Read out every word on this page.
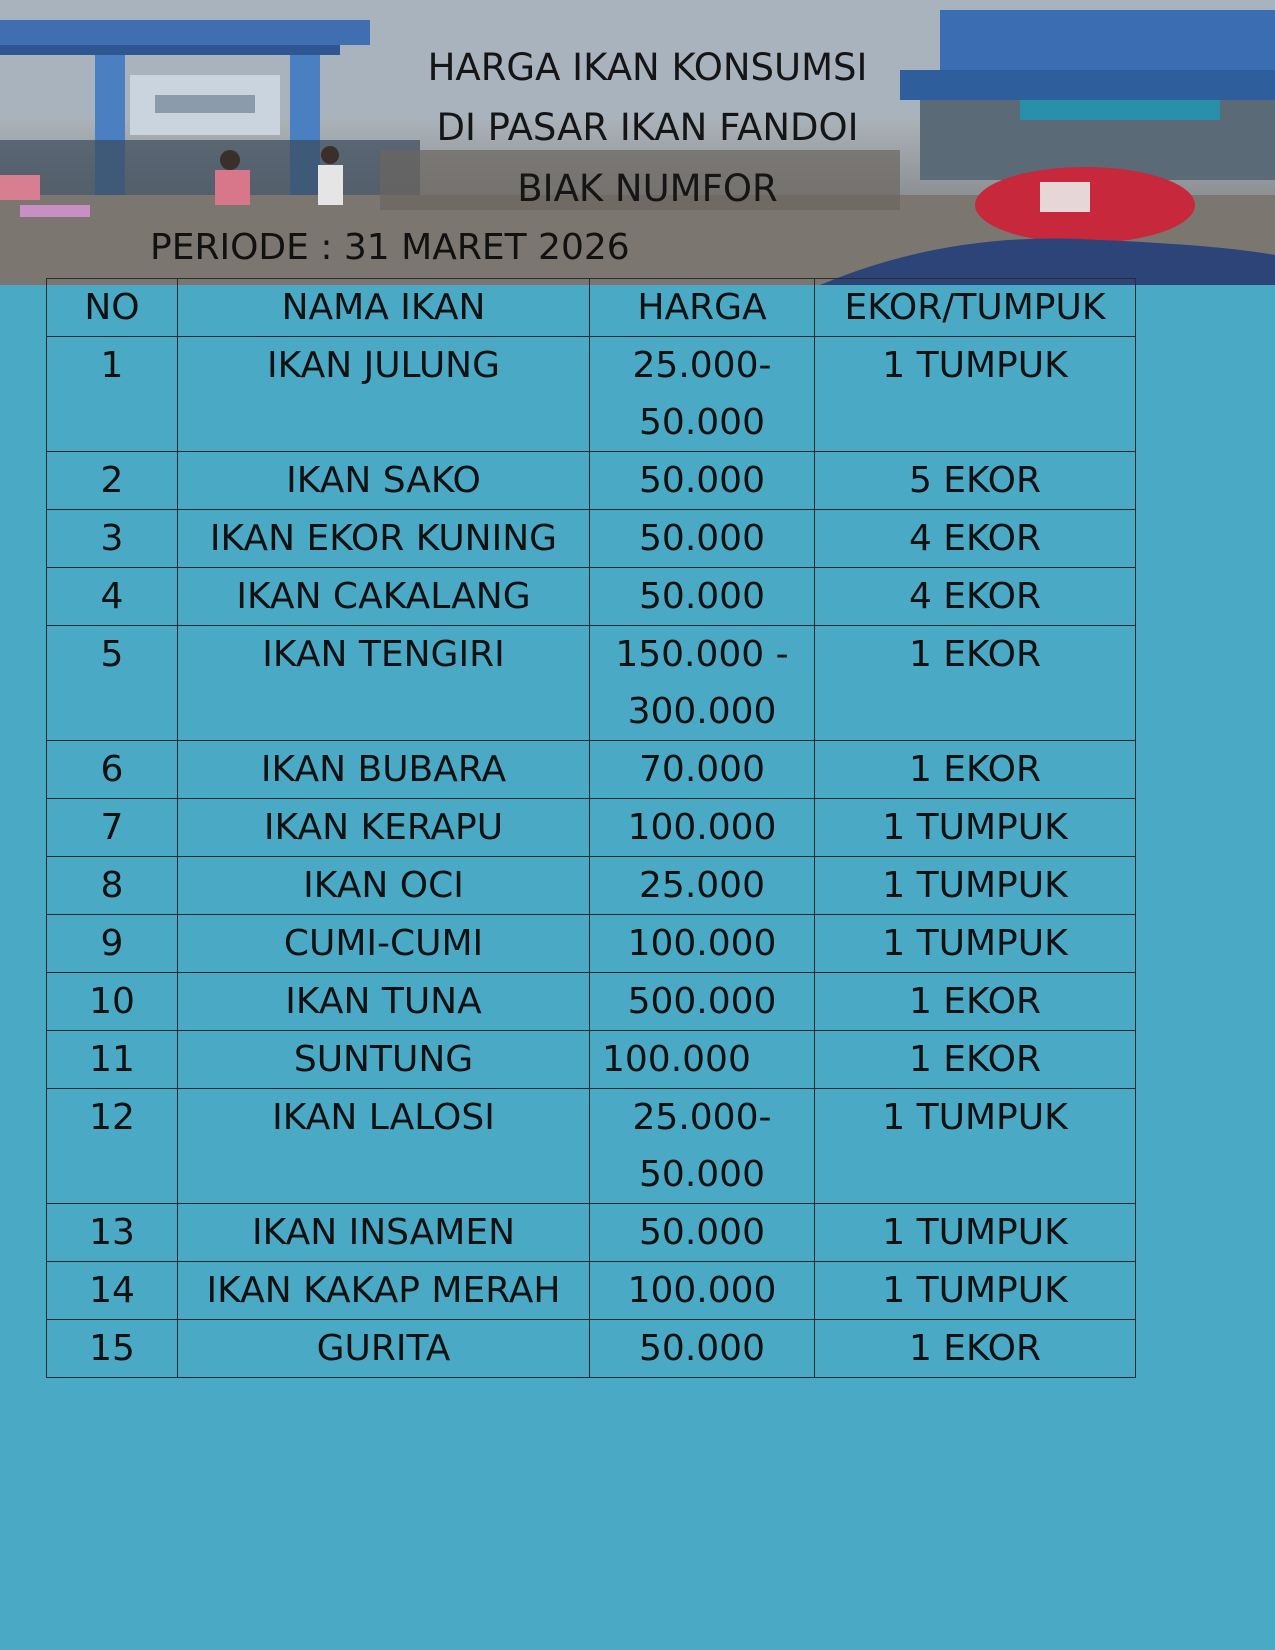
HARGA IKAN KONSUMSI
DI PASAR IKAN FANDOI
BIAK NUMFOR
PERIODE : 31 MARET 2026
NO	NAMA IKAN	HARGA	EKOR/TUMPUK
1	IKAN JULUNG	25.000-50.000	1 TUMPUK
2	IKAN SAKO	50.000	5 EKOR
3	IKAN EKOR KUNING	50.000	4 EKOR
4	IKAN CAKALANG	50.000	4 EKOR
5	IKAN TENGIRI	150.000 - 300.000	1 EKOR
6	IKAN BUBARA	70.000	1 EKOR
7	IKAN KERAPU	100.000	1 TUMPUK
8	IKAN OCI	25.000	1 TUMPUK
9	CUMI-CUMI	100.000	1 TUMPUK
10	IKAN TUNA	500.000	1 EKOR
11	SUNTUNG	100.000	1 EKOR
12	IKAN LALOSI	25.000-50.000	1 TUMPUK
13	IKAN INSAMEN	50.000	1 TUMPUK
14	IKAN KAKAP MERAH	100.000	1 TUMPUK
15	GURITA	50.000	1 EKOR
